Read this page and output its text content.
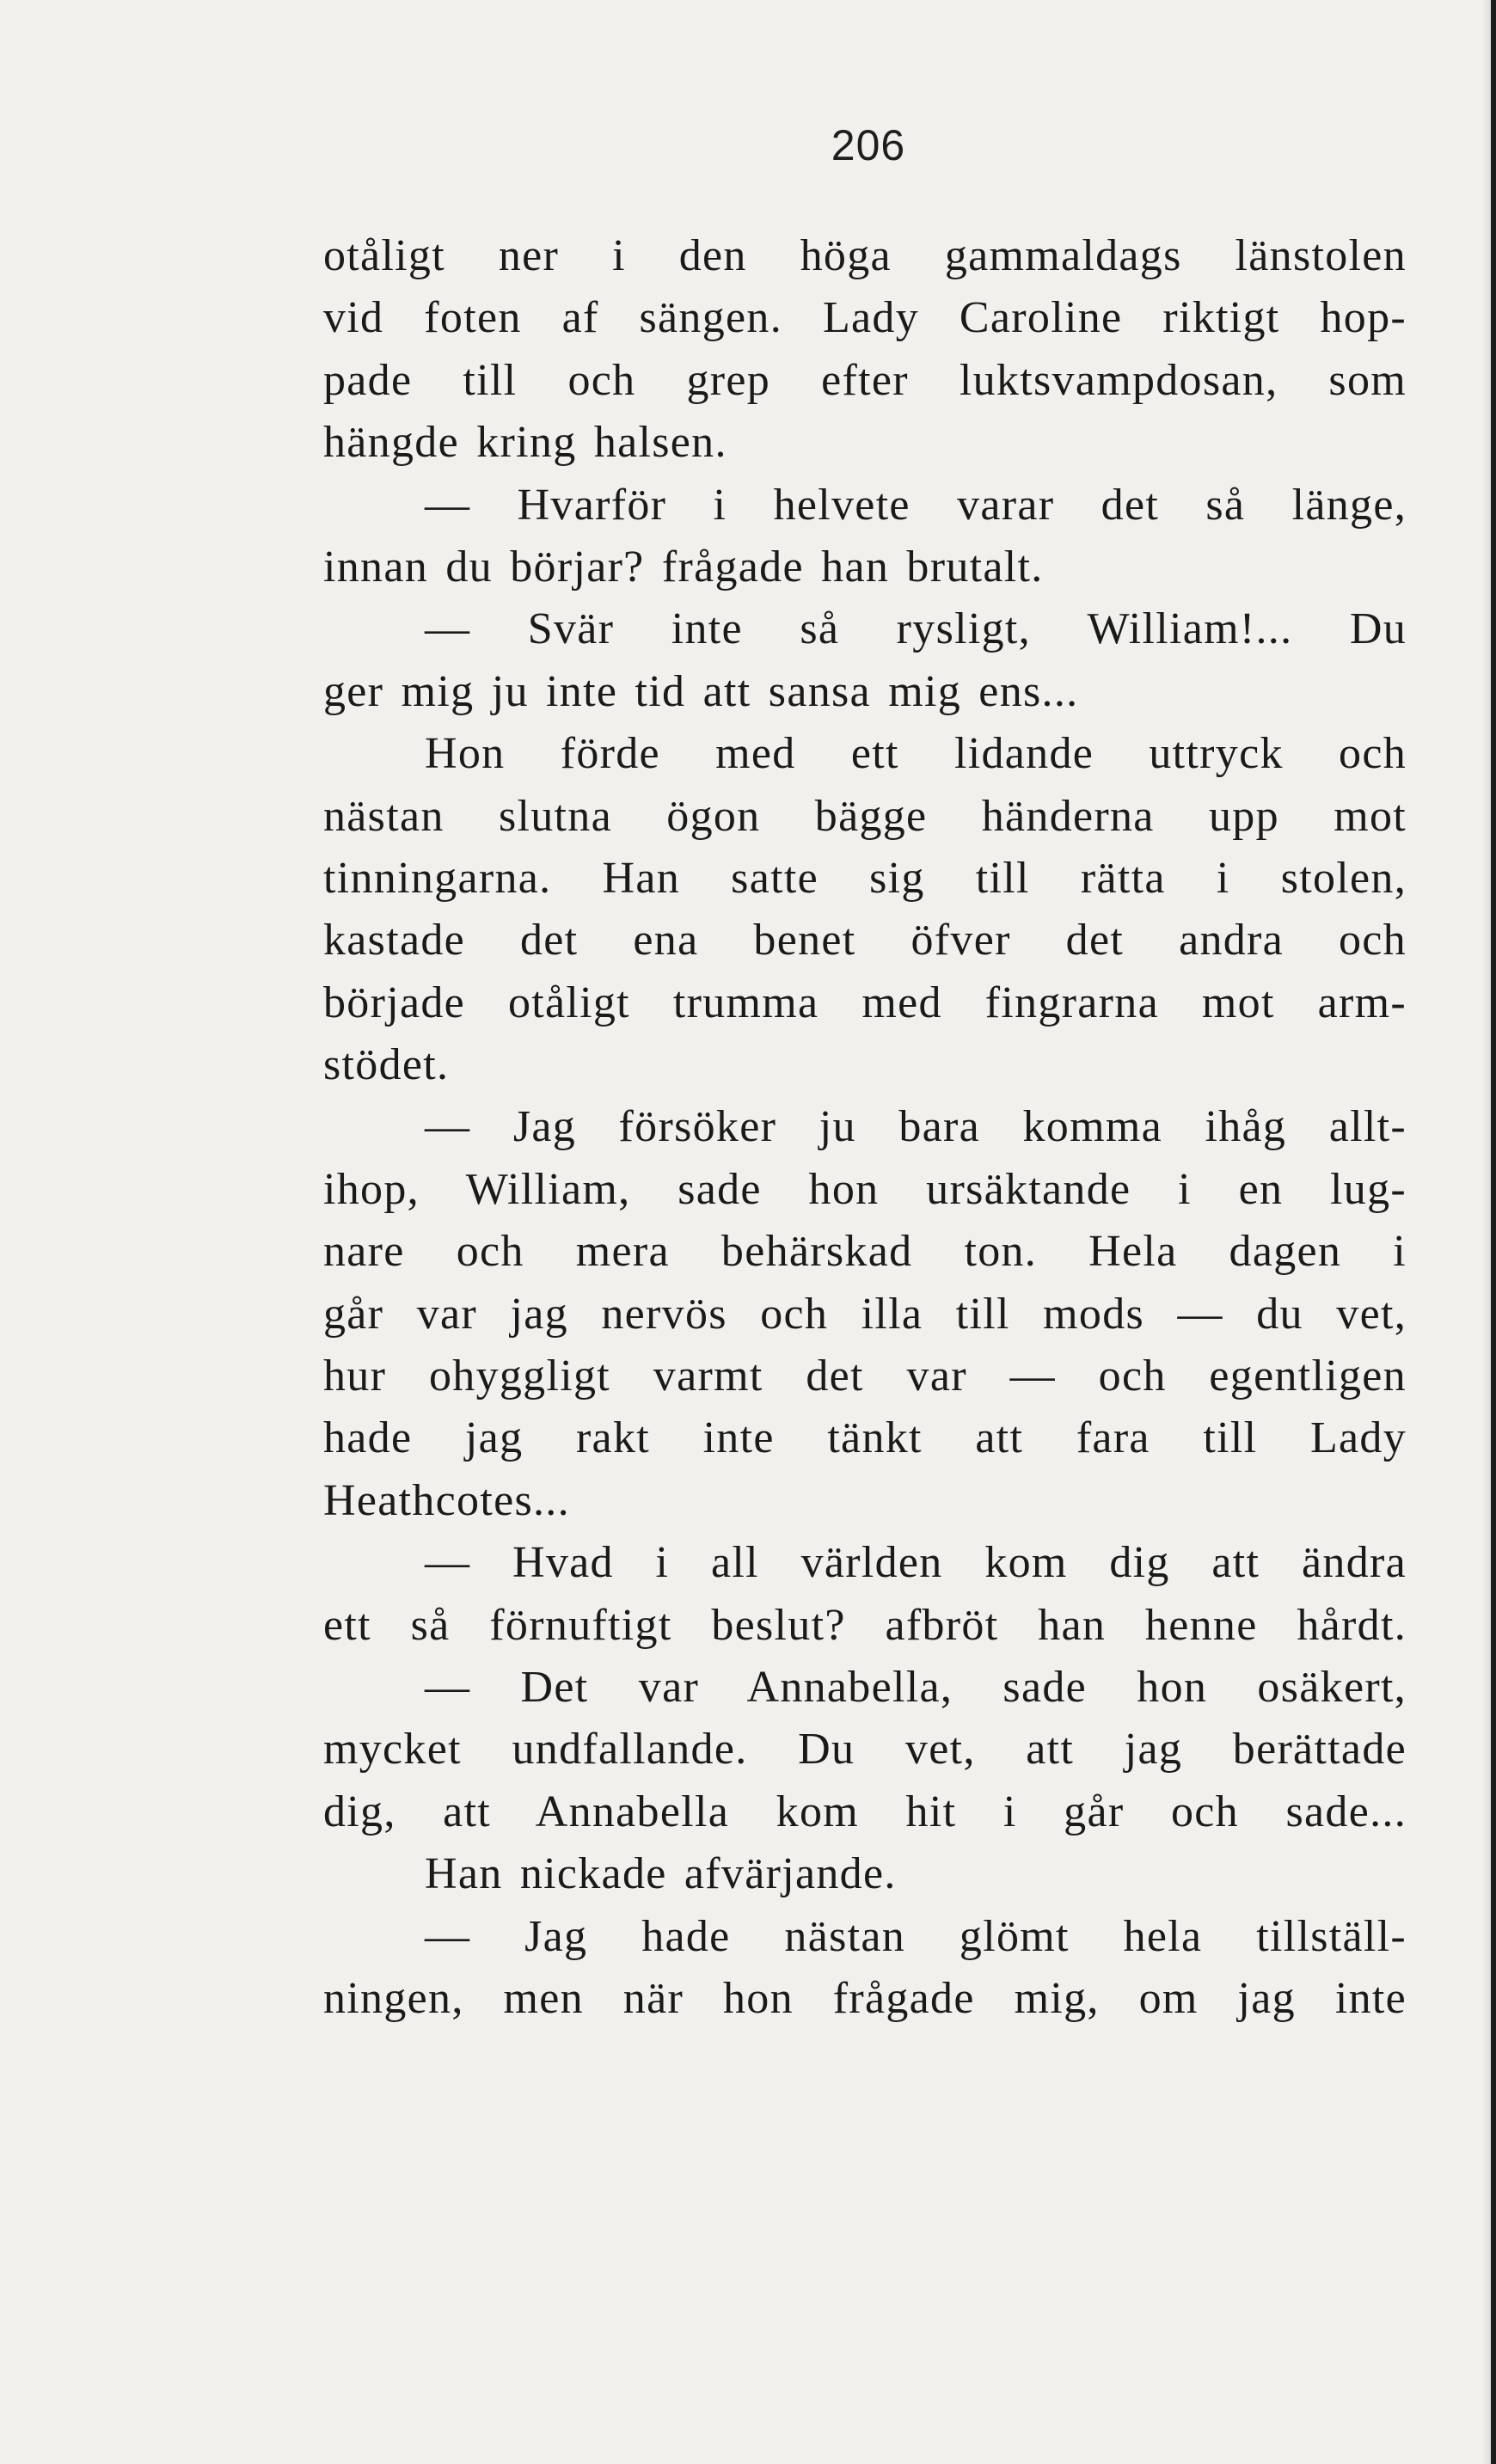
206
otåligt ner i den höga gammaldags länstolen
vid foten af sängen. Lady Caroline riktigt hop-
pade till och grep efter luktsvampdosan, som
hängde kring halsen.
— Hvarför i helvete varar det så länge,
innan du börjar? frågade han brutalt.
— Svär inte så rysligt, William!... Du
ger mig ju inte tid att sansa mig ens...
Hon förde med ett lidande uttryck och
nästan slutna ögon bägge händerna upp mot
tinningarna. Han satte sig till rätta i stolen,
kastade det ena benet öfver det andra och
började otåligt trumma med fingrarna mot arm-
stödet.
— Jag försöker ju bara komma ihåg allt-
ihop, William, sade hon ursäktande i en lug-
nare och mera behärskad ton. Hela dagen i
går var jag nervös och illa till mods — du vet,
hur ohyggligt varmt det var — och egentligen
hade jag rakt inte tänkt att fara till Lady
Heathcotes...
— Hvad i all världen kom dig att ändra
ett så förnuftigt beslut? afbröt han henne hårdt.
— Det var Annabella, sade hon osäkert,
mycket undfallande. Du vet, att jag berättade
dig, att Annabella kom hit i går och sade...
Han nickade afvärjande.
— Jag hade nästan glömt hela tillställ-
ningen, men när hon frågade mig, om jag inte
